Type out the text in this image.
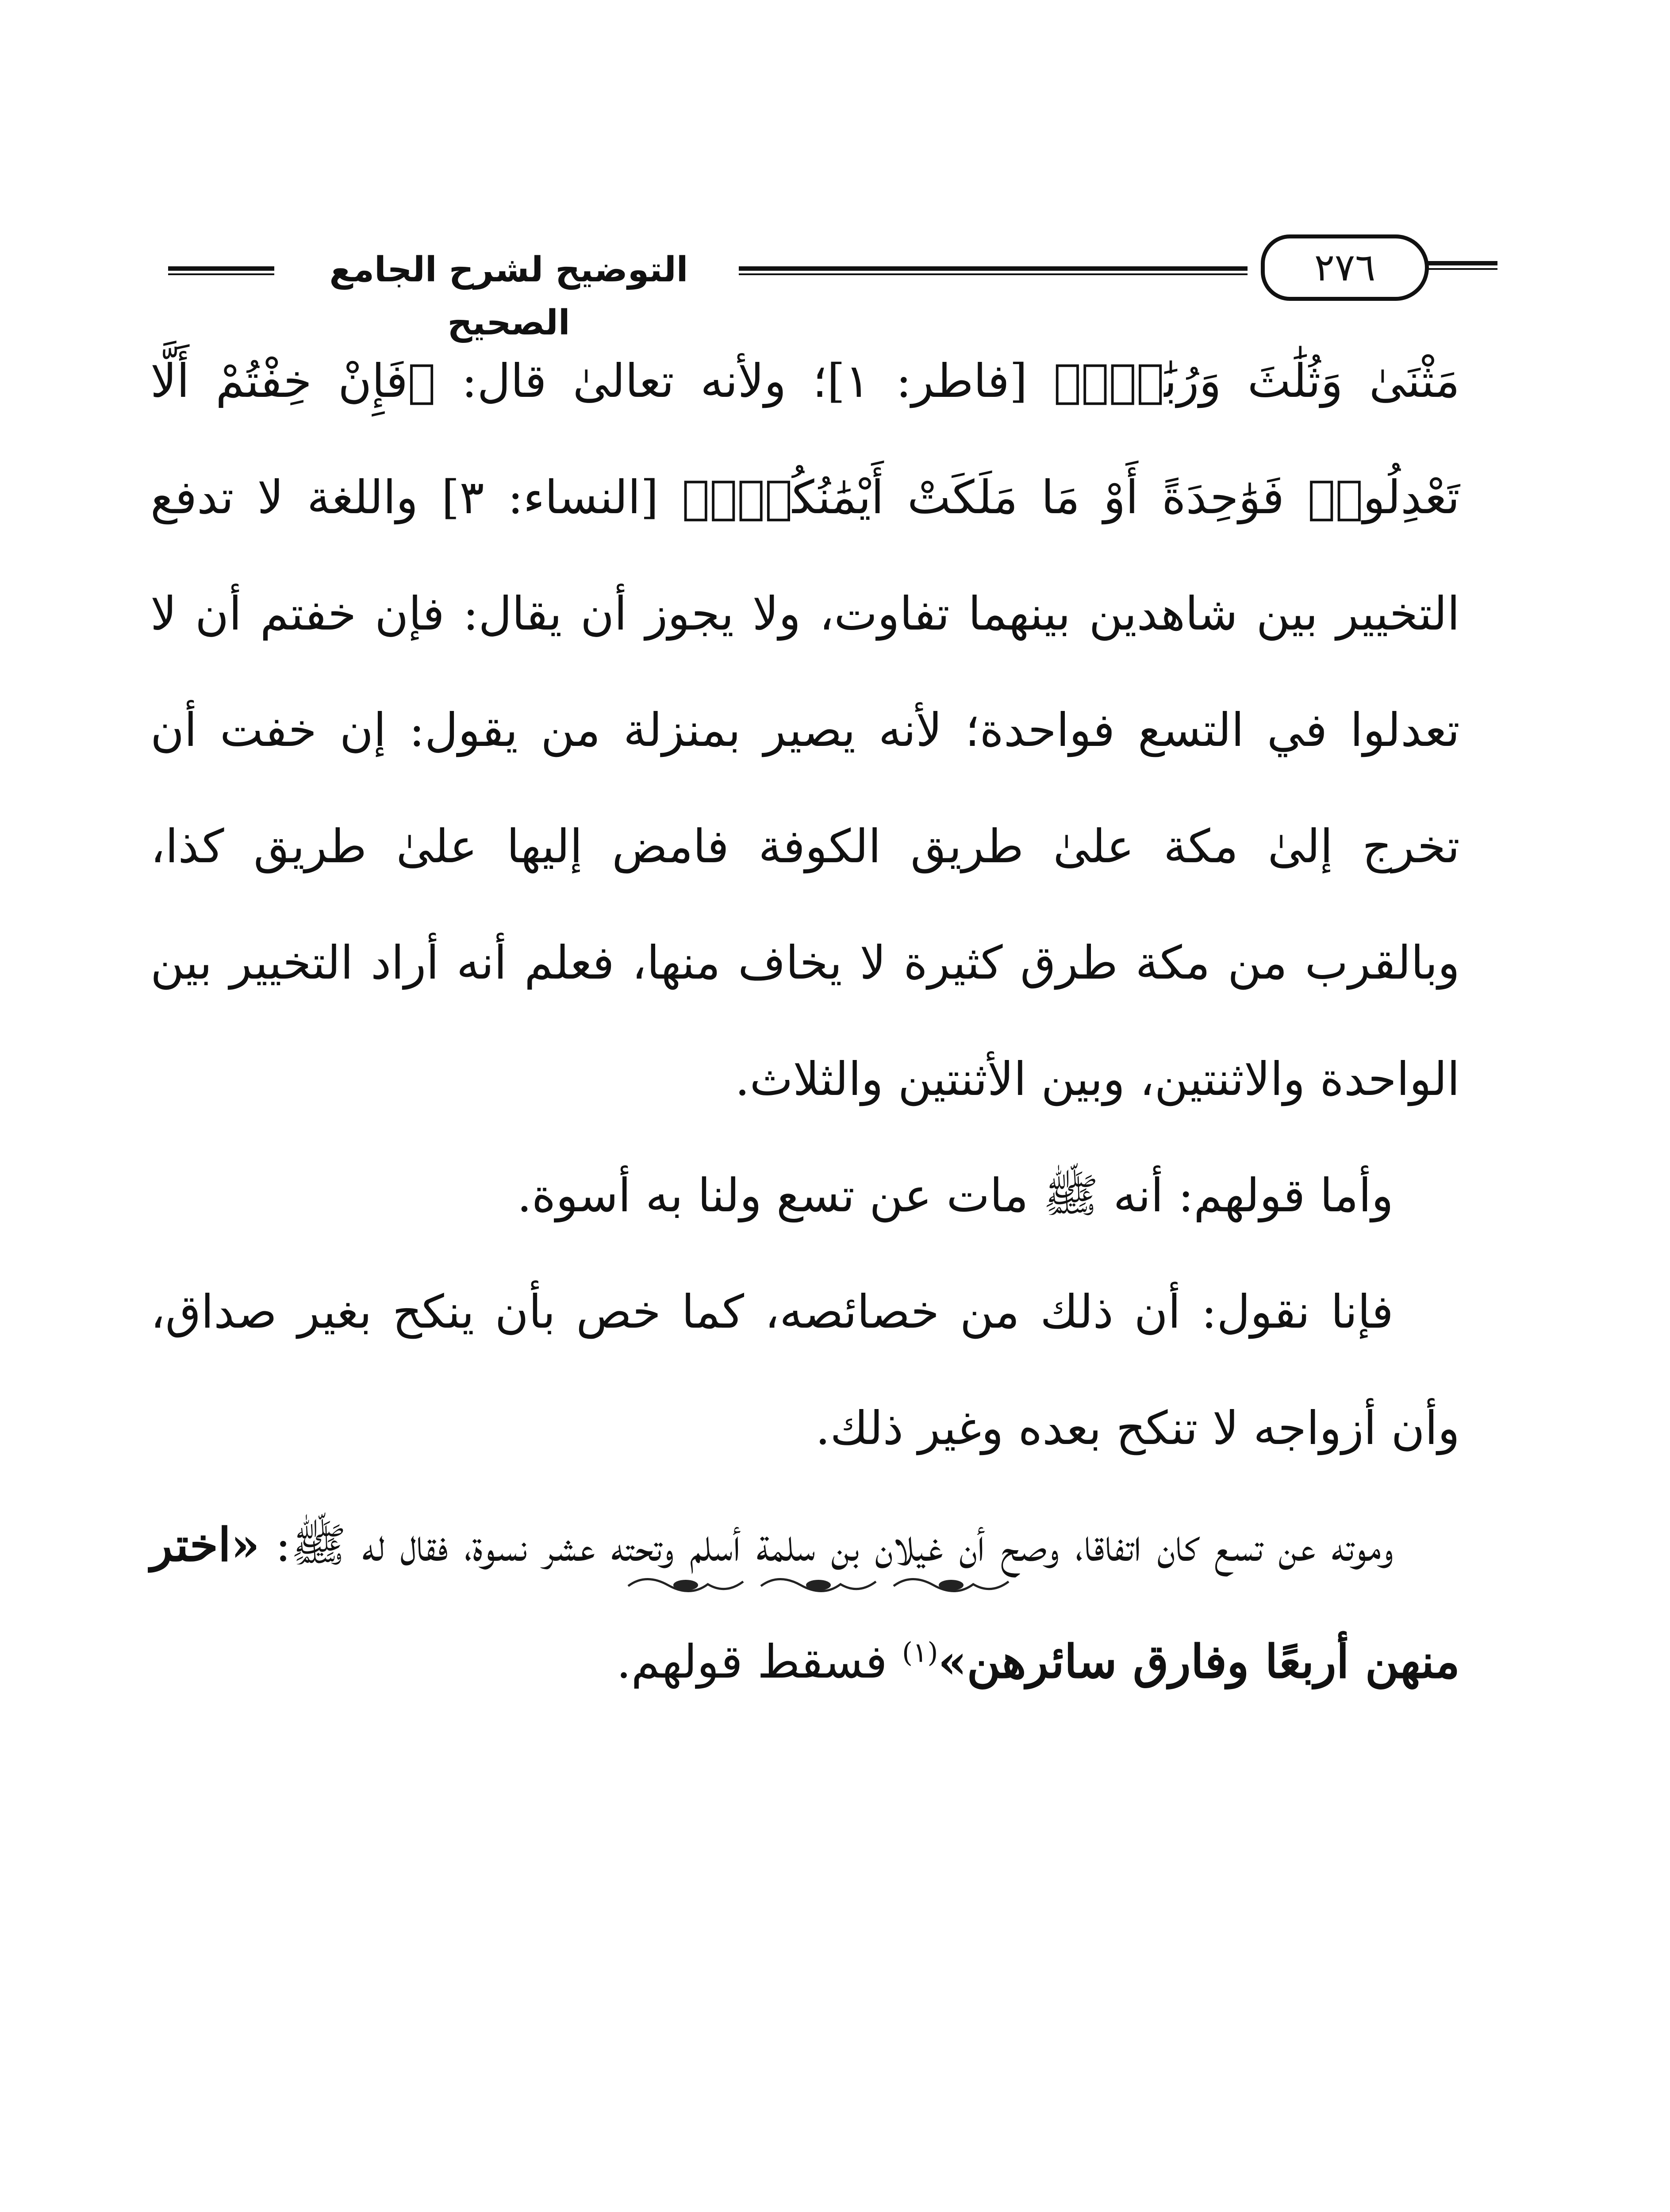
التوضيح لشرح الجامع الصحيح
٢٧٦

مَثْنَىٰ وَثُلَٰثَ وَرُبَٰعَۖ﴾ [فاطر: ١]؛ ولأنه تعالىٰ قال: ﴿فَإِنْ خِفْتُمْ أَلَّا تَعْدِلُوا۟ فَوَٰحِدَةً أَوْ مَا مَلَكَتْ أَيْمَٰنُكُمْۚ﴾ [النساء: ٣] واللغة لا تدفع التخيير بين شاهدين بينهما تفاوت، ولا يجوز أن يقال: فإن خفتم أن لا تعدلوا في التسع فواحدة؛ لأنه يصير بمنزلة من يقول: إن خفت أن تخرج إلىٰ مكة علىٰ طريق الكوفة فامض إليها علىٰ طريق كذا، وبالقرب من مكة طرق كثيرة لا يخاف منها، فعلم أنه أراد التخيير بين الواحدة والاثنتين، وبين الأثنتين والثلاث.

وأما قولهم: أنه ﷺ مات عن تسع ولنا به أسوة.

فإنا نقول: أن ذلك من خصائصه، كما خص بأن ينكح بغير صداق، وأن أزواجه لا تنكح بعده وغير ذلك.

وموته عن تسع كان اتفاقا، وصح أن غيلان بن سلمة أسلم وتحته عشر نسوة، فقال له ﷺ: «اختر منهن أربعًا وفارق سائرهن»$^{(١)}$ فسقط قولهم.
